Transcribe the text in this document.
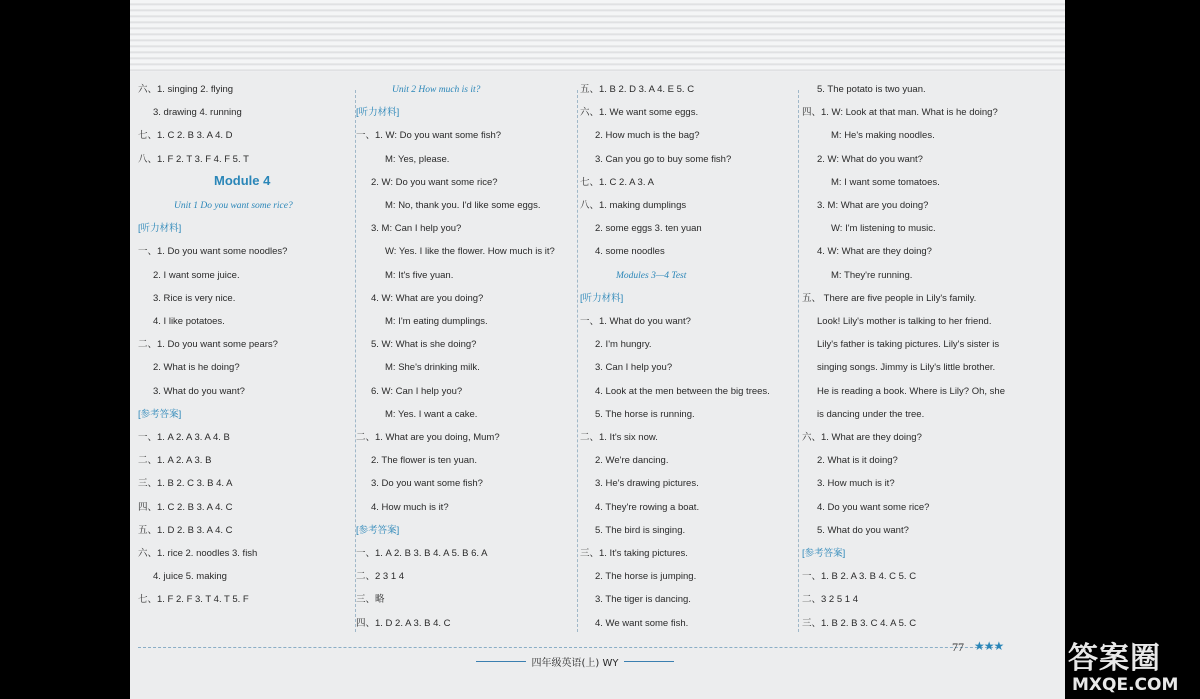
六、1. singing 2. flying
3. drawing 4. running
七、1. C 2. B 3. A 4. D
八、1. F 2. T 3. F 4. F 5. T
Module 4
Unit 1 Do you want some rice?
[听力材料]
一、1. Do you want some noodles?
2. I want some juice.
3. Rice is very nice.
4. I like potatoes.
二、1. Do you want some pears?
2. What is he doing?
3. What do you want?
[参考答案]
一、1. A 2. A 3. A 4. B
二、1. A 2. A 3. B
三、1. B 2. C 3. B 4. A
四、1. C 2. B 3. A 4. C
五、1. D 2. B 3. A 4. C
六、1. rice 2. noodles 3. fish
4. juice 5. making
七、1. F 2. F 3. T 4. T 5. F
Unit 2 How much is it?
[听力材料]
一、1. W: Do you want some fish?
M: Yes, please.
2. W: Do you want some rice?
M: No, thank you. I'd like some eggs.
3. M: Can I help you?
W: Yes. I like the flower. How much is it?
M: It's five yuan.
4. W: What are you doing?
M: I'm eating dumplings.
5. W: What is she doing?
M: She's drinking milk.
6. W: Can I help you?
M: Yes. I want a cake.
二、1. What are you doing, Mum?
2. The flower is ten yuan.
3. Do you want some fish?
4. How much is it?
[参考答案]
一、1. A 2. B 3. B 4. A 5. B 6. A
二、2 3 1 4
三、略
四、1. D 2. A 3. B 4. C
五、1. B 2. D 3. A 4. E 5. C
六、1. We want some eggs.
2. How much is the bag?
3. Can you go to buy some fish?
七、1. C 2. A 3. A
八、1. making dumplings
2. some eggs 3. ten yuan
4. some noodles
Modules 3—4 Test
[听力材料]
一、1. What do you want?
2. I'm hungry.
3. Can I help you?
4. Look at the men between the big trees.
5. The horse is running.
二、1. It's six now.
2. We're dancing.
3. He's drawing pictures.
4. They're rowing a boat.
5. The bird is singing.
三、1. It's taking pictures.
2. The horse is jumping.
3. The tiger is dancing.
4. We want some fish.
5. The potato is two yuan.
四、1. W: Look at that man. What is he doing?
M: He's making noodles.
2. W: What do you want?
M: I want some tomatoes.
3. M: What are you doing?
W: I'm listening to music.
4. W: What are they doing?
M: They're running.
五、 There are five people in Lily's family.
Look! Lily's mother is talking to her friend.
Lily's father is taking pictures. Lily's sister is
singing songs. Jimmy is Lily's little brother.
He is reading a book. Where is Lily? Oh, she
is dancing under the tree.
六、1. What are they doing?
2. What is it doing?
3. How much is it?
4. Do you want some rice?
5. What do you want?
[参考答案]
一、1. B 2. A 3. B 4. C 5. C
二、3 2 5 1 4
三、1. B 2. B 3. C 4. A 5. C
四年级英语(上) WY
77 ★★★ 答案圈
MXQE.COM
